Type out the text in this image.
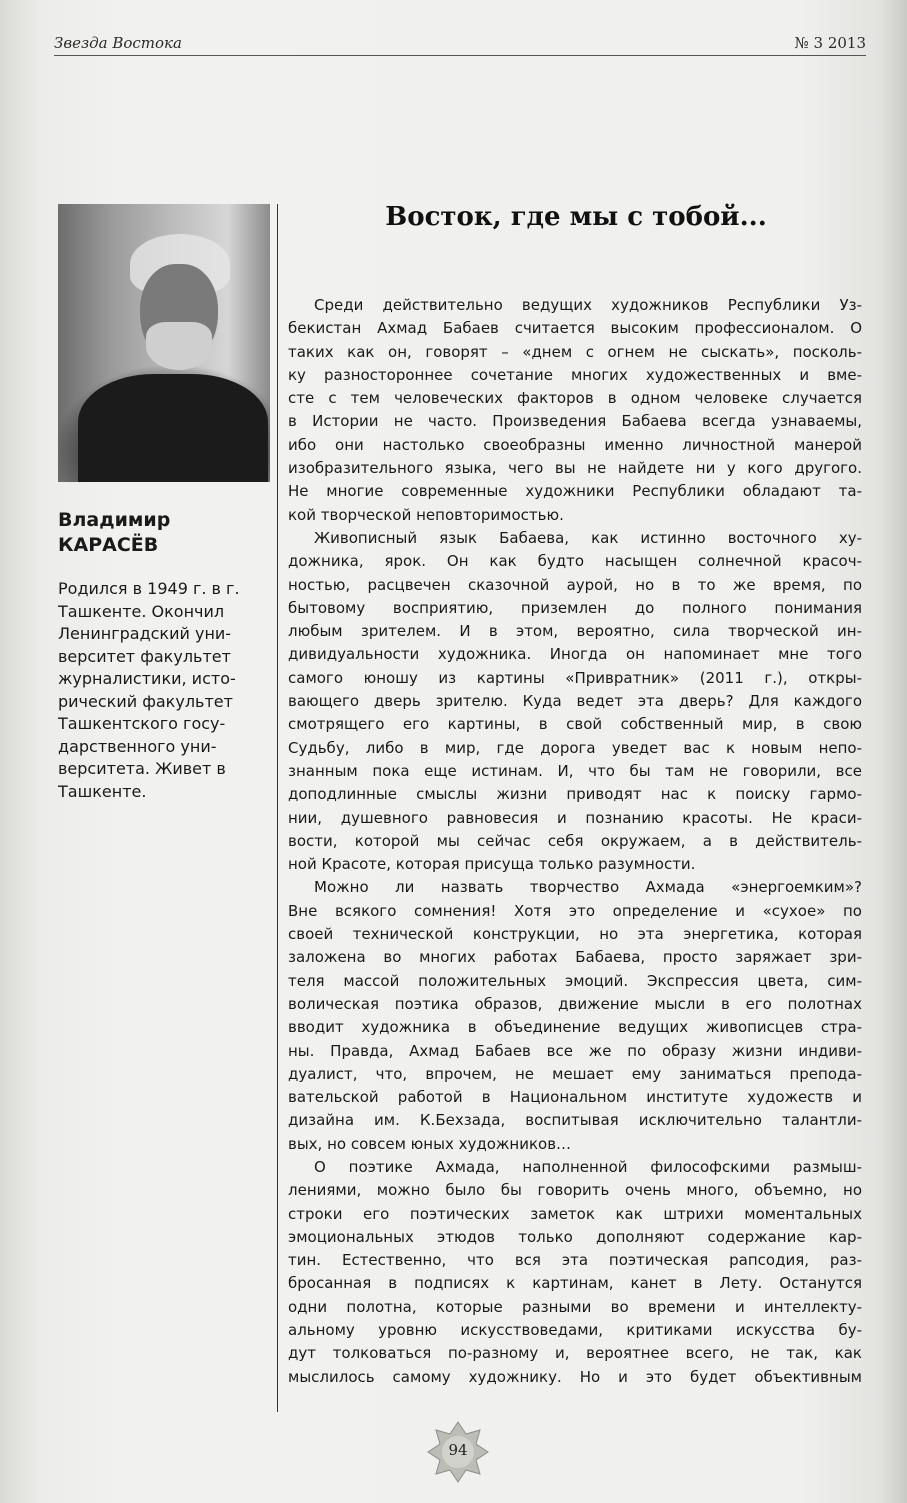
Звезда Востока	№ 3 2013
Владимир
КАРАСЁВ
Родился в 1949 г. в г.
Ташкенте. Окончил
Ленинградский уни-
верситет факультет
журналистики, исто-
рический факультет
Ташкентского госу-
дарственного уни-
верситета. Живет в
Ташкенте.
Восток, где мы с тобой...
Среди действительно ведущих художников Республики Уз-
бекистан Ахмад Бабаев считается высоким профессионалом. О
таких как он, говорят – «днем с огнем не сыскать», посколь-
ку разностороннее сочетание многих художественных и вме-
сте с тем человеческих факторов в одном человеке случается
в Истории не часто. Произведения Бабаева всегда узнаваемы,
ибо они настолько своеобразны именно личностной манерой
изобразительного языка, чего вы не найдете ни у кого другого.
Не многие современные художники Республики обладают та-
кой творческой неповторимостью.
Живописный язык Бабаева, как истинно восточного ху-
дожника, ярок. Он как будто насыщен солнечной красоч-
ностью, расцвечен сказочной аурой, но в то же время, по
бытовому восприятию, приземлен до полного понимания
любым зрителем. И в этом, вероятно, сила творческой ин-
дивидуальности художника. Иногда он напоминает мне того
самого юношу из картины «Привратник» (2011 г.), откры-
вающего дверь зрителю. Куда ведет эта дверь? Для каждого
смотрящего его картины, в свой собственный мир, в свою
Судьбу, либо в мир, где дорога уведет вас к новым непо-
знанным пока еще истинам. И, что бы там не говорили, все
доподлинные смыслы жизни приводят нас к поиску гармо-
нии, душевного равновесия и познанию красоты. Не краси-
вости, которой мы сейчас себя окружаем, а в действитель-
ной Красоте, которая присуща только разумности.
Можно ли назвать творчество Ахмада «энергоемким»?
Вне всякого сомнения! Хотя это определение и «сухое» по
своей технической конструкции, но эта энергетика, которая
заложена во многих работах Бабаева, просто заряжает зри-
теля массой положительных эмоций. Экспрессия цвета, сим-
волическая поэтика образов, движение мысли в его полотнах
вводит художника в объединение ведущих живописцев стра-
ны. Правда, Ахмад Бабаев все же по образу жизни индиви-
дуалист, что, впрочем, не мешает ему заниматься препода-
вательской работой в Национальном институте художеств и
дизайна им. К.Бехзада, воспитывая исключительно талантли-
вых, но совсем юных художников…
О поэтике Ахмада, наполненной философскими размыш-
лениями, можно было бы говорить очень много, объемно, но
строки его поэтических заметок как штрихи моментальных
эмоциональных этюдов только дополняют содержание кар-
тин. Естественно, что вся эта поэтическая рапсодия, раз-
бросанная в подписях к картинам, канет в Лету. Останутся
одни полотна, которые разными во времени и интеллекту-
альному уровню искусствоведами, критиками искусства бу-
дут толковаться по-разному и, вероятнее всего, не так, как
мыслилось самому художнику. Но и это будет объективным
94
